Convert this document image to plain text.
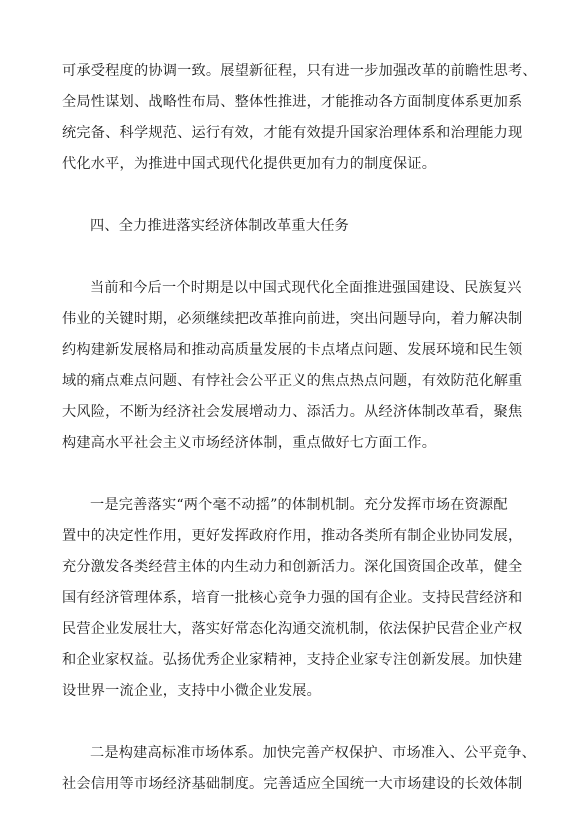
可承受程度的协调一致。展望新征程，只有进一步加强改革的前瞻性思考、
全局性谋划、战略性布局、整体性推进，才能推动各方面制度体系更加系
统完备、科学规范、运行有效，才能有效提升国家治理体系和治理能力现
代化水平，为推进中国式现代化提供更加有力的制度保证。
四、全力推进落实经济体制改革重大任务
当前和今后一个时期是以中国式现代化全面推进强国建设、民族复兴
伟业的关键时期，必须继续把改革推向前进，突出问题导向，着力解决制
约构建新发展格局和推动高质量发展的卡点堵点问题、发展环境和民生领
域的痛点难点问题、有悖社会公平正义的焦点热点问题，有效防范化解重
大风险，不断为经济社会发展增动力、添活力。从经济体制改革看，聚焦
构建高水平社会主义市场经济体制，重点做好七方面工作。
一是完善落实“两个毫不动摇”的体制机制。充分发挥市场在资源配
置中的决定性作用，更好发挥政府作用，推动各类所有制企业协同发展，
充分激发各类经营主体的内生动力和创新活力。深化国资国企改革，健全
国有经济管理体系，培育一批核心竞争力强的国有企业。支持民营经济和
民营企业发展壮大，落实好常态化沟通交流机制，依法保护民营企业产权
和企业家权益。弘扬优秀企业家精神，支持企业家专注创新发展。加快建
设世界一流企业，支持中小微企业发展。
二是构建高标准市场体系。加快完善产权保护、市场准入、公平竞争、
社会信用等市场经济基础制度。完善适应全国统一大市场建设的长效体制
